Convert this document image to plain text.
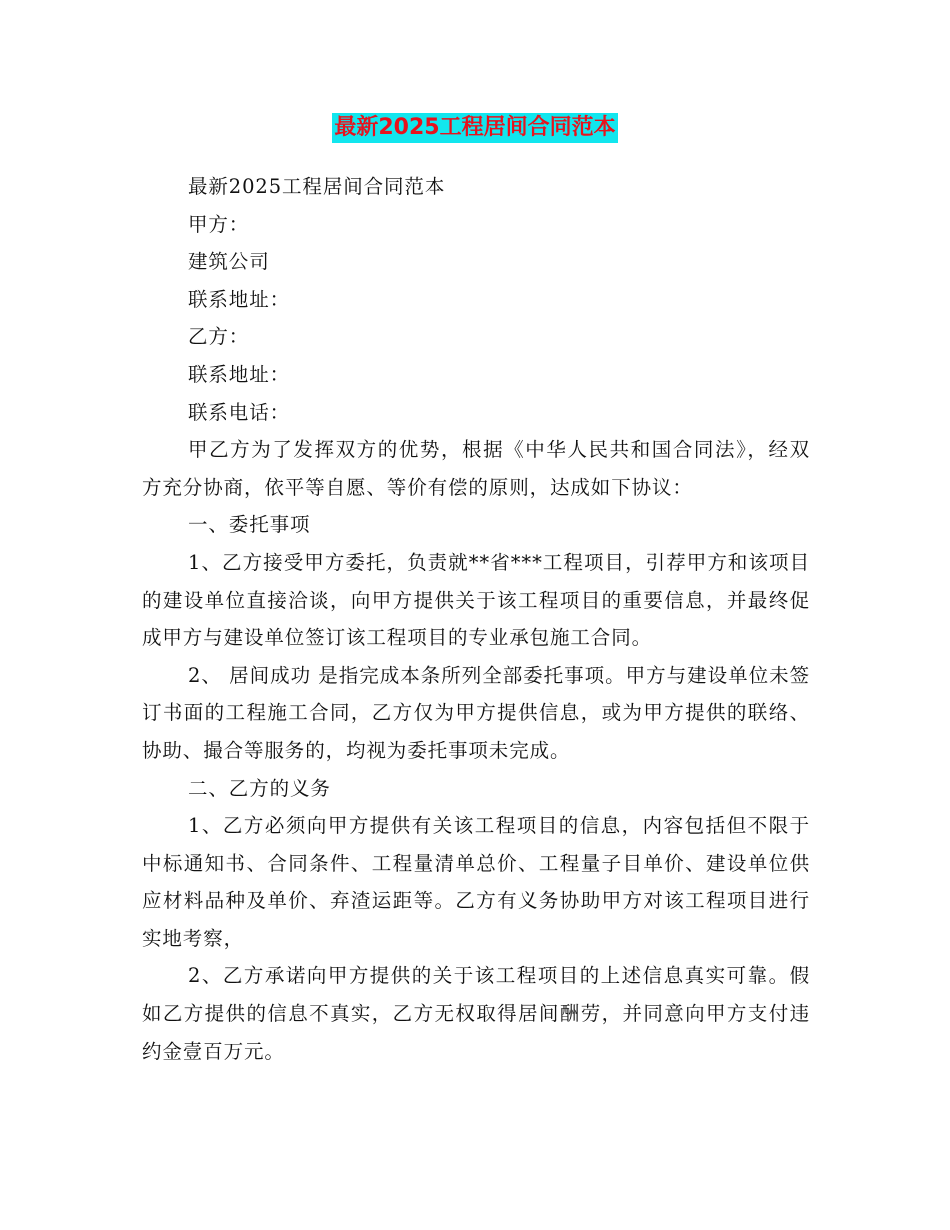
最新2025工程居间合同范本
最新2025工程居间合同范本
甲方：
建筑公司
联系地址：
乙方：
联系地址：
联系电话：
甲乙方为了发挥双方的优势，根据《中华人民共和国合同法》，经双方充分协商，依平等自愿、等价有偿的原则，达成如下协议：
一、委托事项
1、乙方接受甲方委托，负责就**省***工程项目，引荐甲方和该项目的建设单位直接洽谈，向甲方提供关于该工程项目的重要信息，并最终促成甲方与建设单位签订该工程项目的专业承包施工合同。
2、 居间成功 是指完成本条所列全部委托事项。甲方与建设单位未签订书面的工程施工合同，乙方仅为甲方提供信息，或为甲方提供的联络、协助、撮合等服务的，均视为委托事项未完成。
二、乙方的义务
1、乙方必须向甲方提供有关该工程项目的信息，内容包括但不限于中标通知书、合同条件、工程量清单总价、工程量子目单价、建设单位供应材料品种及单价、弃渣运距等。乙方有义务协助甲方对该工程项目进行实地考察，
2、乙方承诺向甲方提供的关于该工程项目的上述信息真实可靠。假如乙方提供的信息不真实，乙方无权取得居间酬劳，并同意向甲方支付违约金壹百万元。
